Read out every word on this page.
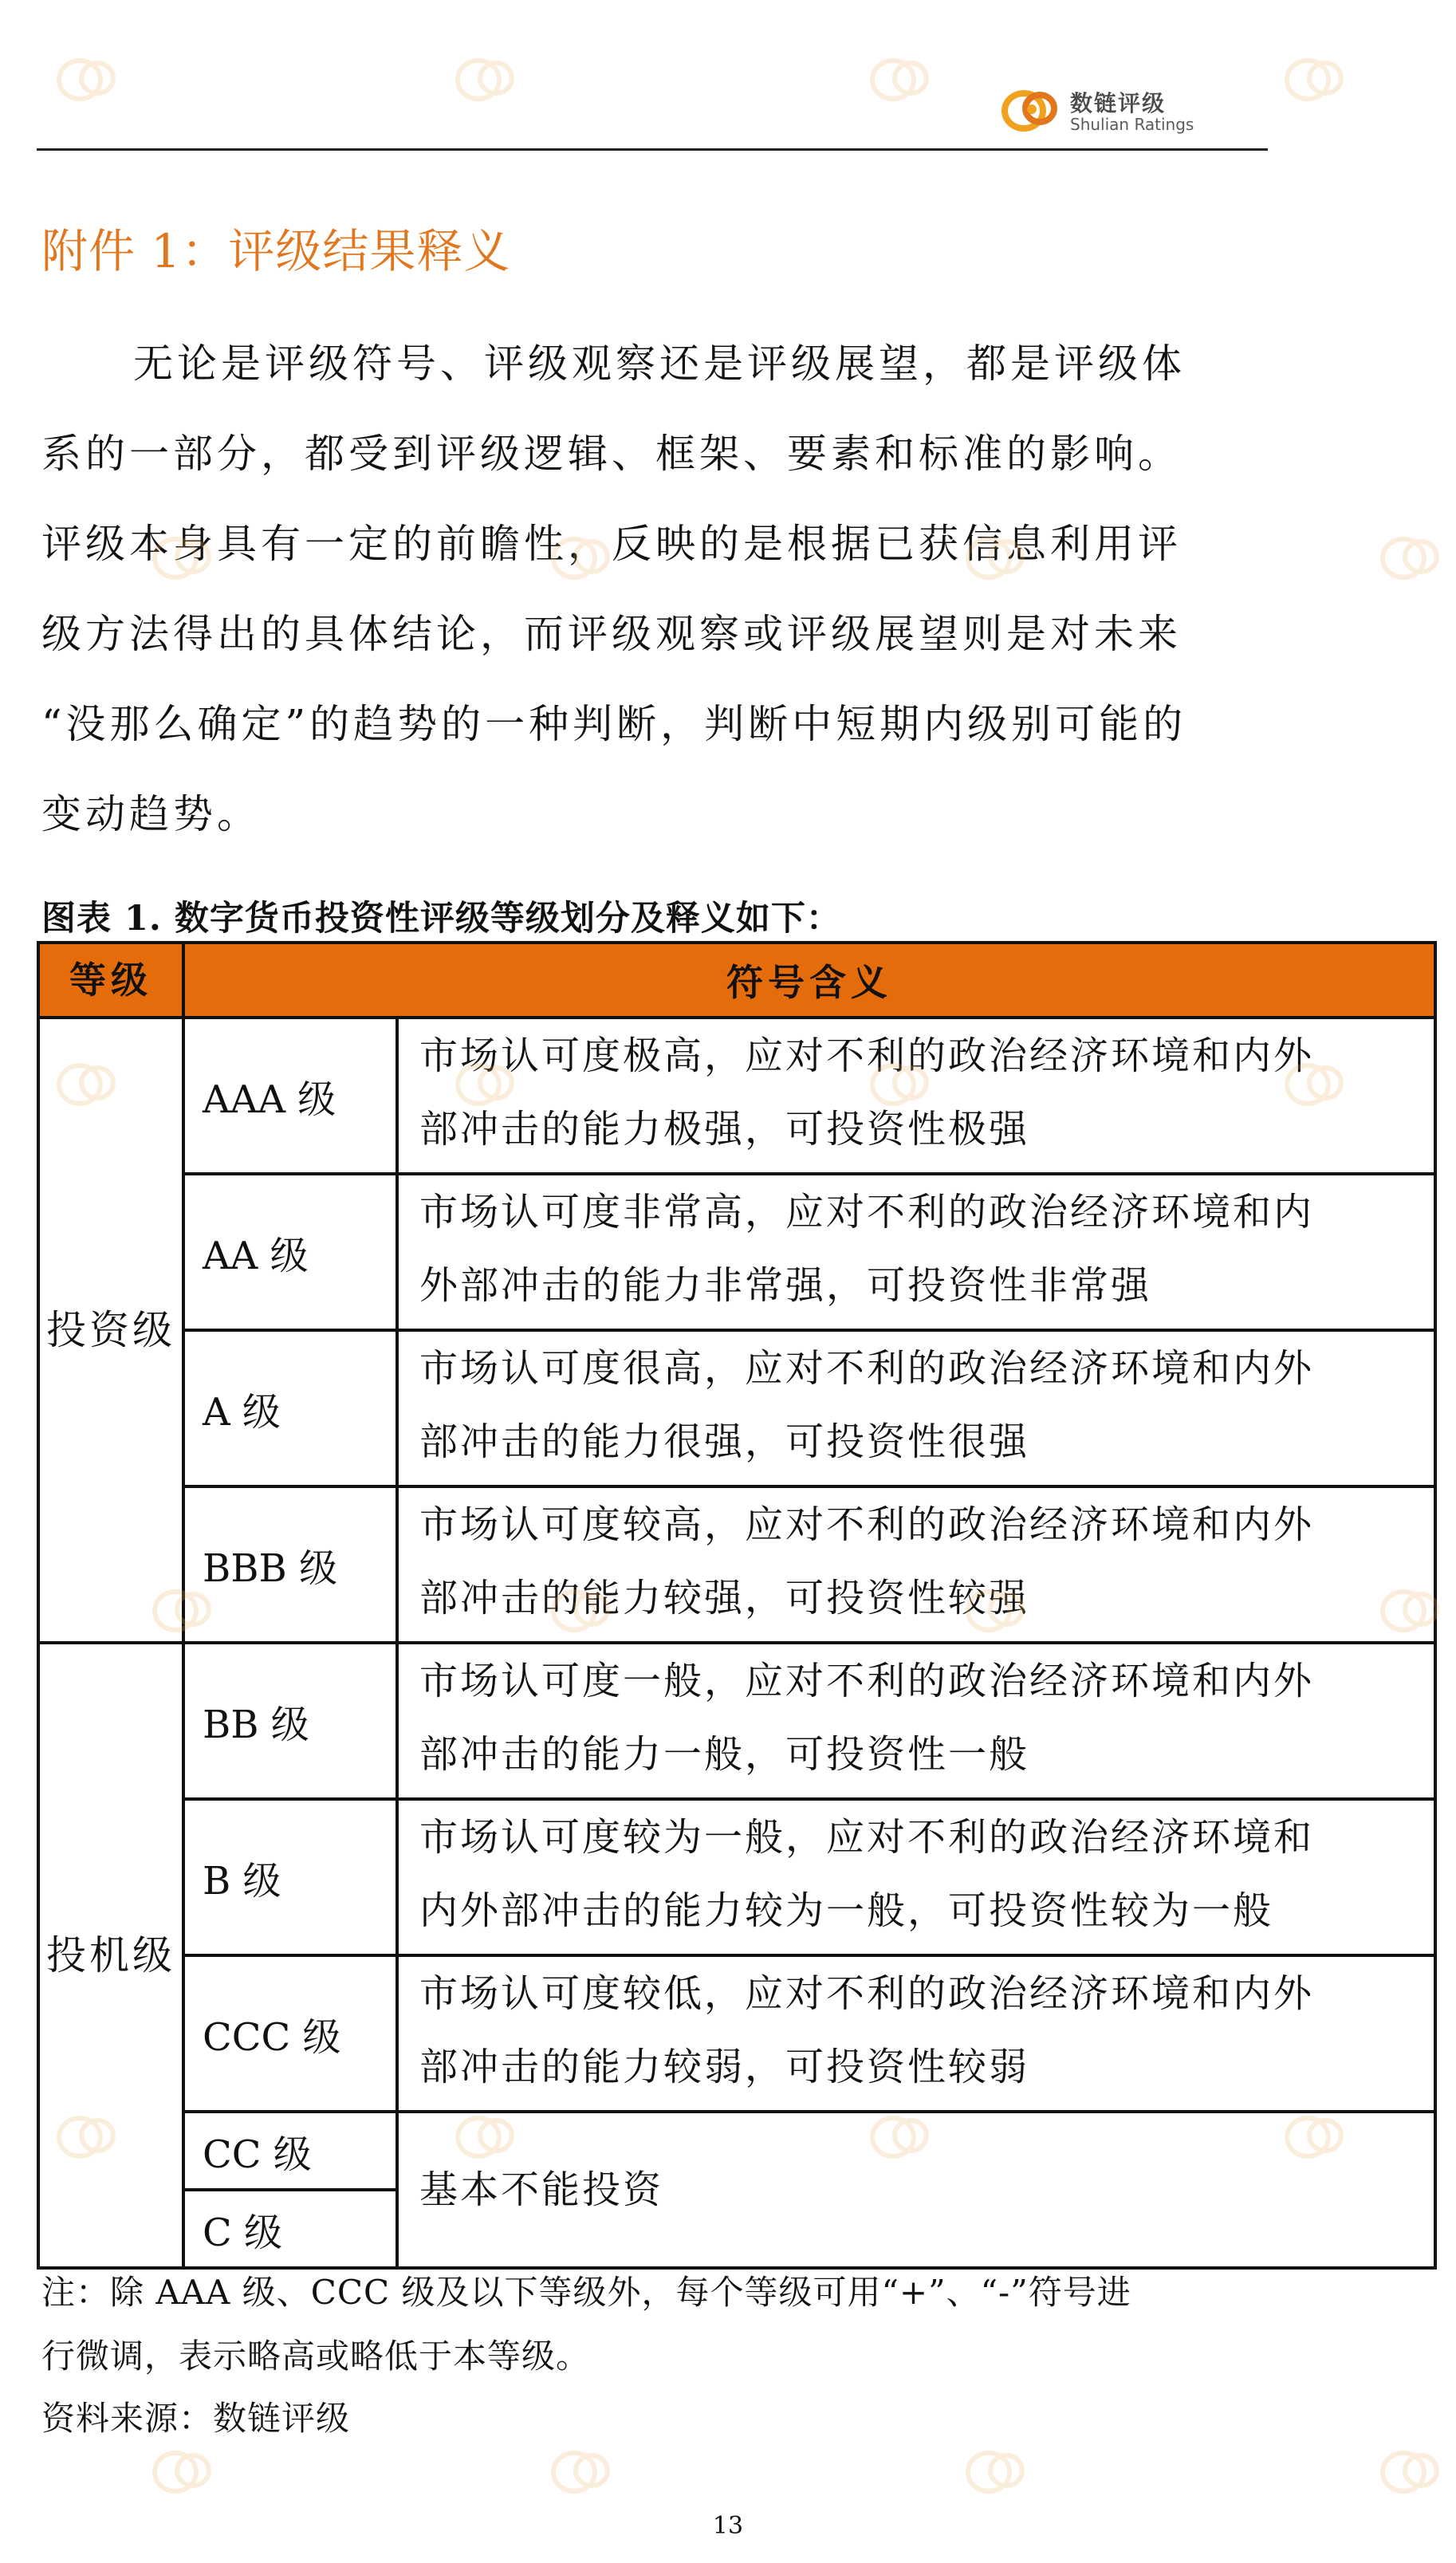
数链评级
Shulian Ratings
附件 1：评级结果释义
无论是评级符号、评级观察还是评级展望，都是评级体
系的一部分，都受到评级逻辑、框架、要素和标准的影响。
评级本身具有一定的前瞻性，反映的是根据已获信息利用评
级方法得出的具体结论，而评级观察或评级展望则是对未来
“没那么确定”的趋势的一种判断，判断中短期内级别可能的
变动趋势。
图表 1. 数字货币投资性评级等级划分及释义如下：
等级	符号含义	
投资级	AAA 级	市场认可度极高，应对不利的政治经济环境和内外
部冲击的能力极强，可投资性极强

	AA 级	市场认可度非常高，应对不利的政治经济环境和内
外部冲击的能力非常强，可投资性非常强

	A 级	市场认可度很高，应对不利的政治经济环境和内外
部冲击的能力很强，可投资性很强

	BBB 级	市场认可度较高，应对不利的政治经济环境和内外
部冲击的能力较强，可投资性较强

投机级	BB 级	市场认可度一般，应对不利的政治经济环境和内外
部冲击的能力一般，可投资性一般

	B 级	市场认可度较为一般，应对不利的政治经济环境和
内外部冲击的能力较为一般，可投资性较为一般

	CCC 级	市场认可度较低，应对不利的政治经济环境和内外
部冲击的能力较弱，可投资性较弱

	CC 级	基本不能投资
	C 级	
注：除 AAA 级、CCC 级及以下等级外，每个等级可用“+”、“-”符号进
行微调，表示略高或略低于本等级。
资料来源：数链评级
13
